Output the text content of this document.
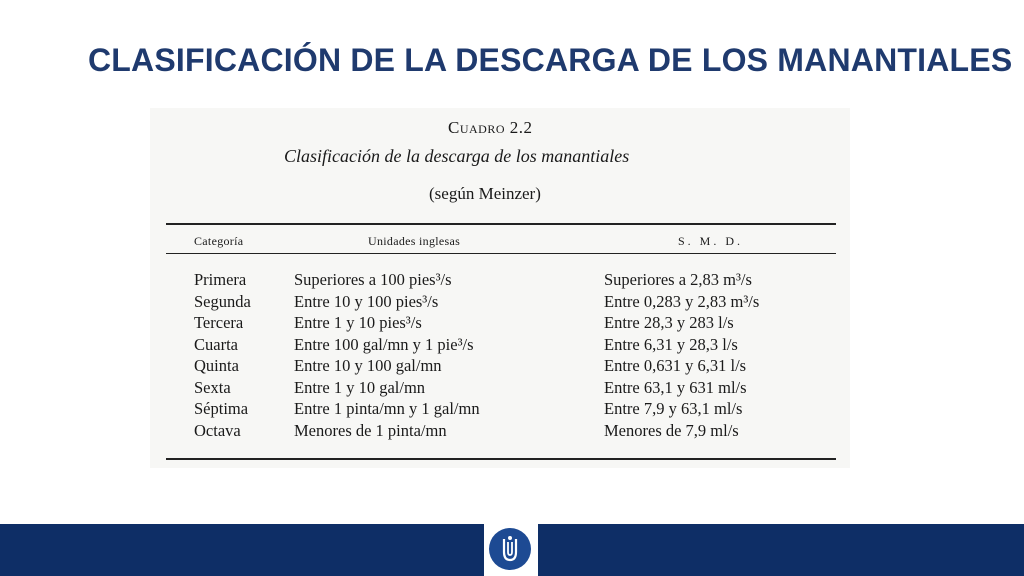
CLASIFICACIÓN DE LA DESCARGA DE LOS MANANTIALES
Cuadro 2.2
Clasificación de la descarga de los manantiales
(según Meinzer)
Categoría	Unidades inglesas	S. M. D.
Primera	Superiores a 100 pies³/s	Superiores a 2,83 m³/s
Segunda	Entre 10 y 100 pies³/s	Entre 0,283 y 2,83 m³/s
Tercera	Entre 1 y 10 pies³/s	Entre 28,3 y 283 l/s
Cuarta	Entre 100 gal/mn y 1 pie³/s	Entre 6,31 y 28,3 l/s
Quinta	Entre 10 y 100 gal/mn	Entre 0,631 y 6,31 l/s
Sexta	Entre 1 y 10 gal/mn	Entre 63,1 y 631 ml/s
Séptima	Entre 1 pinta/mn y 1 gal/mn	Entre 7,9 y 63,1 ml/s
Octava	Menores de 1 pinta/mn	Menores de 7,9 ml/s
